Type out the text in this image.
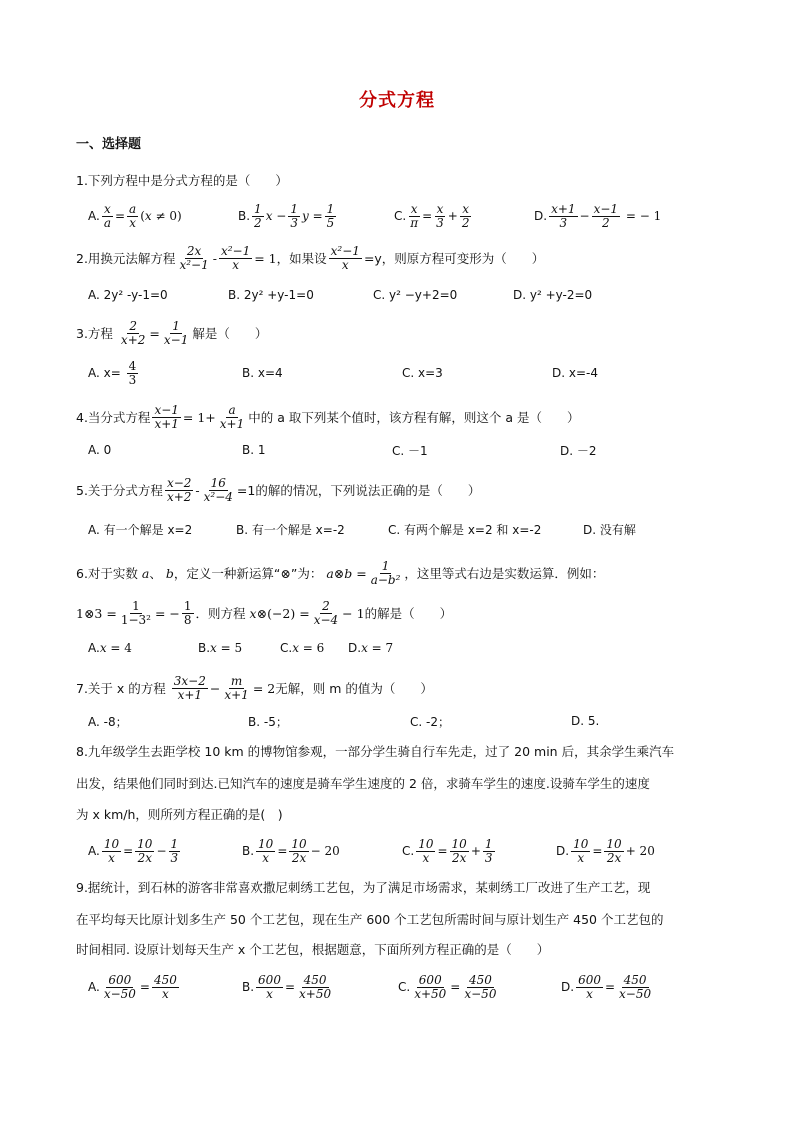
分式方程
一、选择题
1.下列方程中是分式方程的是（　　）
A. $\frac{x}{a} = \frac{a}{x} (x \ne 0)$	B.
1
2 $x - \frac{1}{3}$ $y = \frac{1}{5}$	C. $\frac{x}{\pi} = \frac{x}{3} + \frac{x}{2}$	D.
x+1
$3 - \frac{x-1}{2}$ = − 1
2.用换元法解方程 2x
$x^2-1 - \frac{\text{x²−1}}{x} = 1$ ，如果设 $\frac{\text{x²−1}}{x} =y$，则原方程可变形为（　　）
A. 2y² -y-1=0	B. 2y² +y-1=0	C. y² −y+2=0	D. y² +y-2=0
3.方程
$\frac{2}{x+2} = \frac{1}{x-1}$ 解是（　　）
A. x=
$\frac{4}{3}$	B. x=4	C. x=3	D. x=-4
4.当分式方程 $\frac{x-1}{x+1} = 1+ \frac{a}{x+1}$ 中的 a 取下列某个值时，该方程有解，则这个 a 是（　　）
A. 0	B. 1	C. －1	D. －2
5.关于分式方程 x−2
$x+2 - \frac{16}{\text{x²−4}} =1$的解的情况，下列说法正确的是（　　）
A. 有一个解是 x=2	B. 有一个解是 x=-2	C. 有两个解是 x=2 和 x=-2	D. 没有解
6.对于实数
a 、 b ，定义一种新运算“ ⊗ ”为：
a ⊗ $b = \frac{1}{\text{a−b²}}$ ，这里等式右边是实数运算．例如：
1⊗3 = $\frac{1}{\text{1−3²}}$ = − $\frac{1}{8}$ ．则方程
x ⊗(−2) = $\frac{2}{x-4} - 1$ 的解是（　　）
A. x = 4	B. x = 5	C. x = 6 D. x = 7
7.关于 x 的方程
3x−2
$x+1 - \frac{m}{x+1} = 2$ 无解，则 m 的值为（　　）
A. -8；	B. -5；	C. -2；	D. 5.
8.九年级学生去距学校 10 km 的博物馆参观，一部分学生骑自行车先走，过了 20 min 后，其余学生乘汽车
出发，结果他们同时到达.已知汽车的速度是骑车学生速度的 2 倍，求骑车学生的速度.设骑车学生的速度
为 x km/h，则所列方程正确的是(　)
A. $\frac{10}{x} = \frac{10}{2x} - \frac{1}{3}$	B. $\frac{10}{x} = \frac{10}{2x} - 20$	C. $\frac{10}{x} = \frac{10}{2x} + \frac{1}{3}$	D. $\frac{10}{x} = \frac{10}{2x} + 20$
9.据统计，到石林的游客非常喜欢撒尼刺绣工艺包，为了满足市场需求，某刺绣工厂改进了生产工艺，现
在平均每天比原计划多生产 50 个工艺包，现在生产 600 个工艺包所需时间与原计划生产 450 个工艺包的
时间相同. 设原计划每天生产 x 个工艺包，根据题意，下面所列方程正确的是（　　）
A. $\frac{600}{x-50} = \frac{450}{x}$	B. $\frac{600}{x} = \frac{450}{x+50}$	C. $\frac{600}{x+50} = \frac{450}{x-50}$	D. $\frac{600}{x} = \frac{450}{x-50}$
